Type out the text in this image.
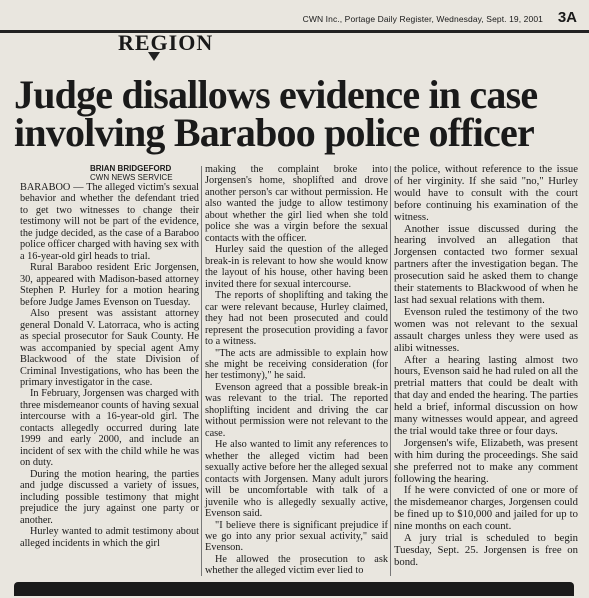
CWN Inc., Portage Daily Register, Wednesday, Sept. 19, 2001 3A
REGION
Judge disallows evidence in case involving Baraboo police officer
BRIAN BRIDGEFORD
CWN NEWS SERVICE

BARABOO — The alleged victim's sexual behavior and whether the defendant tried to get two witnesses to change their testimony will not be part of the evidence, the judge decided, as the case of a Baraboo police officer charged with having sex with a 16-year-old girl heads to trial.

Rural Baraboo resident Eric Jorgensen, 30, appeared with Madison-based attorney Stephen P. Hurley for a motion hearing before Judge James Evenson on Tuesday.

Also present was assistant attorney general Donald V. Latorraca, who is acting as special prosecutor for Sauk County. He was accompanied by special agent Amy Blackwood of the state Division of Criminal Investigations, who has been the primary investigator in the case.

In February, Jorgensen was charged with three misdemeanor counts of having sexual intercourse with a 16-year-old girl. The contacts allegedly occurred during late 1999 and early 2000, and include an incident of sex with the child while he was on duty.

During the motion hearing, the parties and judge discussed a variety of issues, including possible testimony that might prejudice the jury against one party or another.

Hurley wanted to admit testimony about alleged incidents in which the girl

making the complaint broke into Jorgensen's home, shoplifted and drove another person's car without permission. He also wanted the judge to allow testimony about whether the girl lied when she told police she was a virgin before the sexual contacts with the officer.

Hurley said the question of the alleged break-in is relevant to how she would know the layout of his house, other having been invited there for sexual intercourse.

The reports of shoplifting and taking the car were relevant because, Hurley claimed, they had not been prosecuted and could represent the prosecution providing a favor to a witness.

"The acts are admissible to explain how she might be receiving consideration (for her testimony)," he said.

Evenson agreed that a possible break-in was relevant to the trial. The reported shoplifting incident and driving the car without permission were not relevant to the case.

He also wanted to limit any references to whether the alleged victim had been sexually active before her the alleged sexual contacts with Jorgensen. Many adult jurors will be uncomfortable with talk of a juvenile who is allegedly sexually active, Evenson said.

"I believe there is significant prejudice if we go into any prior sexual activity," said Evenson.

He allowed the prosecution to ask whether the alleged victim ever lied to

the police, without reference to the issue of her virginity. If she said "no," Hurley would have to consult with the court before continuing his examination of the witness.

Another issue discussed during the hearing involved an allegation that Jorgensen contacted two former sexual partners after the investigation began. The prosecution said he asked them to change their statements to Blackwood of when he last had sexual relations with them.

Evenson ruled the testimony of the two women was not relevant to the sexual assault charges unless they were used as alibi witnesses.

After a hearing lasting almost two hours, Evenson said he had ruled on all the pretrial matters that could be dealt with that day and ended the hearing. The parties held a brief, informal discussion on how many witnesses would appear, and agreed the trial would take three or four days.

Jorgensen's wife, Elizabeth, was present with him during the proceedings. She said she preferred not to make any comment following the hearing.

If he were convicted of one or more of the misdemeanor charges, Jorgensen could be fined up to $10,000 and jailed for up to nine months on each count.

A jury trial is scheduled to begin Tuesday, Sept. 25. Jorgensen is free on bond.
